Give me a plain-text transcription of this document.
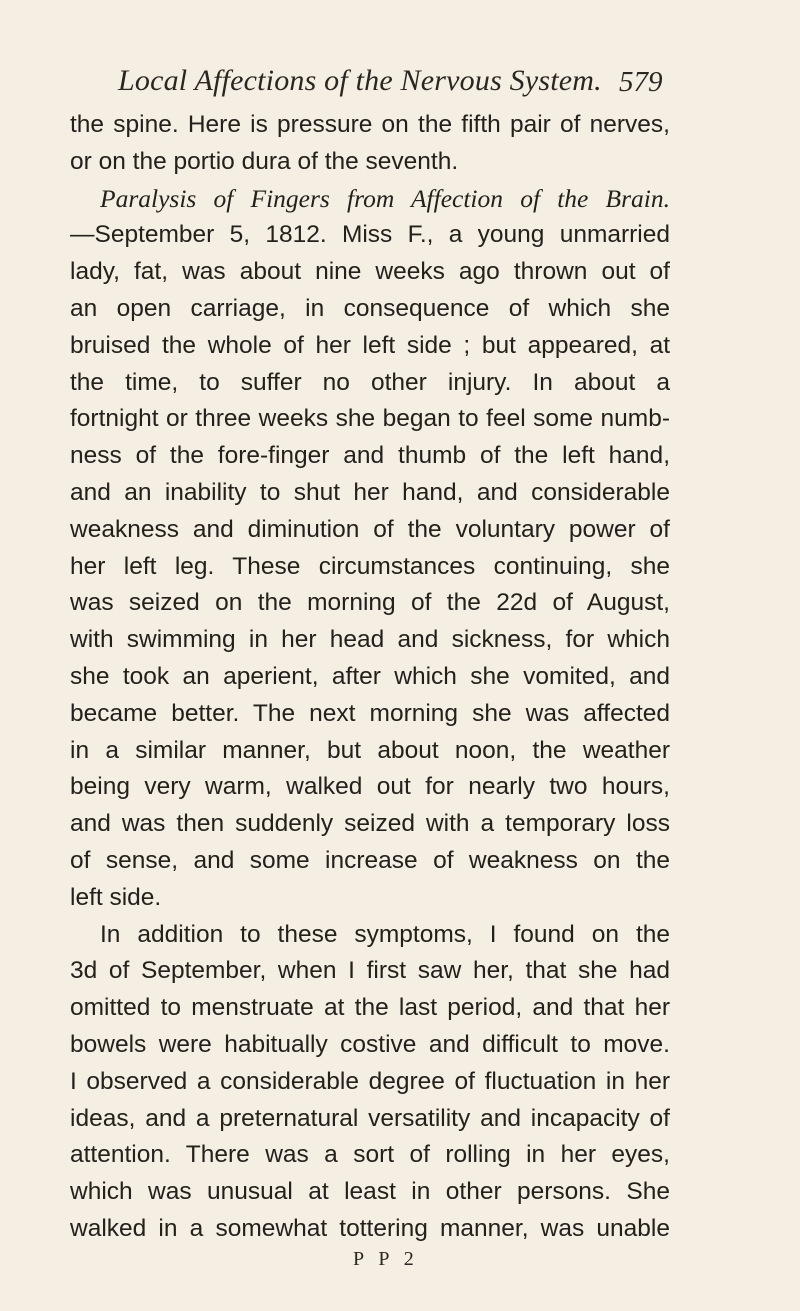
Local Affections of the Nervous System. 579
the spine. Here is pressure on the fifth pair of nerves,
or on the portio dura of the seventh.
Paralysis of Fingers from Affection of the Brain.
—September 5, 1812. Miss F., a young unmarried
lady, fat, was about nine weeks ago thrown out of
an open carriage, in consequence of which she
bruised the whole of her left side ; but appeared, at
the time, to suffer no other injury. In about a
fortnight or three weeks she began to feel some numb-
ness of the fore-finger and thumb of the left hand,
and an inability to shut her hand, and considerable
weakness and diminution of the voluntary power of
her left leg. These circumstances continuing, she
was seized on the morning of the 22d of August,
with swimming in her head and sickness, for which
she took an aperient, after which she vomited, and
became better. The next morning she was affected
in a similar manner, but about noon, the weather
being very warm, walked out for nearly two hours,
and was then suddenly seized with a temporary loss
of sense, and some increase of weakness on the
left side.
In addition to these symptoms, I found on the
3d of September, when I first saw her, that she had
omitted to menstruate at the last period, and that her
bowels were habitually costive and difficult to move.
I observed a considerable degree of fluctuation in her
ideas, and a preternatural versatility and incapacity of
attention. There was a sort of rolling in her eyes,
which was unusual at least in other persons. She
walked in a somewhat tottering manner, was unable
P P 2
